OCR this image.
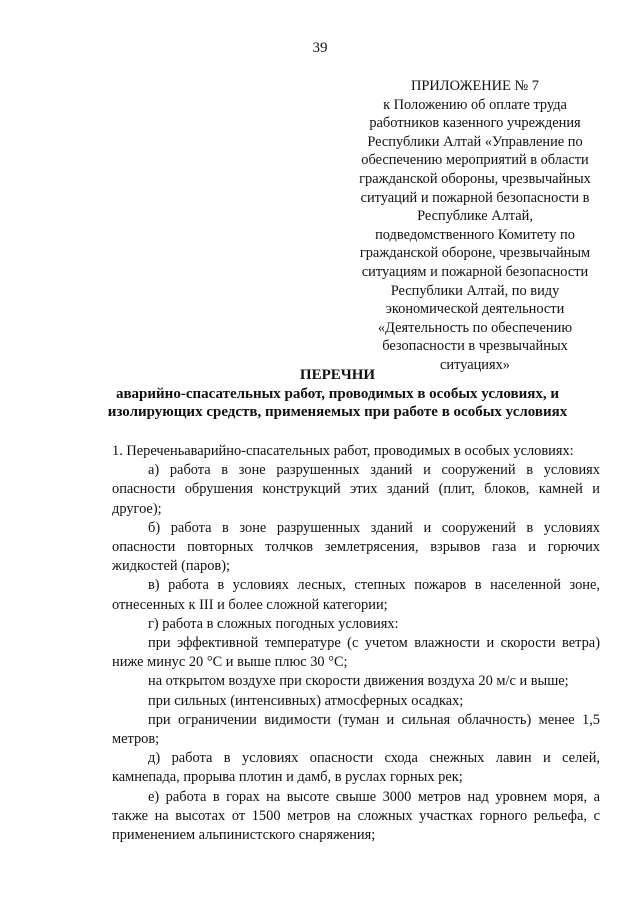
39
ПРИЛОЖЕНИЕ № 7
к Положению об оплате труда
работников казенного учреждения
Республики Алтай «Управление по
обеспечению мероприятий в области
гражданской обороны, чрезвычайных
ситуаций и пожарной безопасности в
Республике Алтай,
подведомственного Комитету по
гражданской обороне, чрезвычайным
ситуациям и пожарной безопасности
Республики Алтай, по виду
экономической деятельности
«Деятельность по обеспечению
безопасности в чрезвычайных
ситуациях»
ПЕРЕЧНИ
аварийно-спасательных работ, проводимых в особых условиях, и
изолирующих средств, применяемых при работе в особых условиях

1. Переченьаварийно-спасательных работ, проводимых в особых условиях:

а) работа в зоне разрушенных зданий и сооружений в условиях опасности обрушения конструкций этих зданий (плит, блоков, камней и другое);

б) работа в зоне разрушенных зданий и сооружений в условиях опасности повторных толчков землетрясения, взрывов газа и горючих жидкостей (паров);

в) работа в условиях лесных, степных пожаров в населенной зоне, отнесенных к III и более сложной категории;

г) работа в сложных погодных условиях:

при эффективной температуре (с учетом влажности и скорости ветра) ниже минус 20 °С и выше плюс 30 °С;

на открытом воздухе при скорости движения воздуха 20 м/с и выше;

при сильных (интенсивных) атмосферных осадках;

при ограничении видимости (туман и сильная облачность) менее 1,5 метров;

д) работа в условиях опасности схода снежных лавин и селей, камнепада, прорыва плотин и дамб, в руслах горных рек;

е) работа в горах на высоте свыше 3000 метров над уровнем моря, а также на высотах от 1500 метров на сложных участках горного рельефа, с применением альпинистского снаряжения;
